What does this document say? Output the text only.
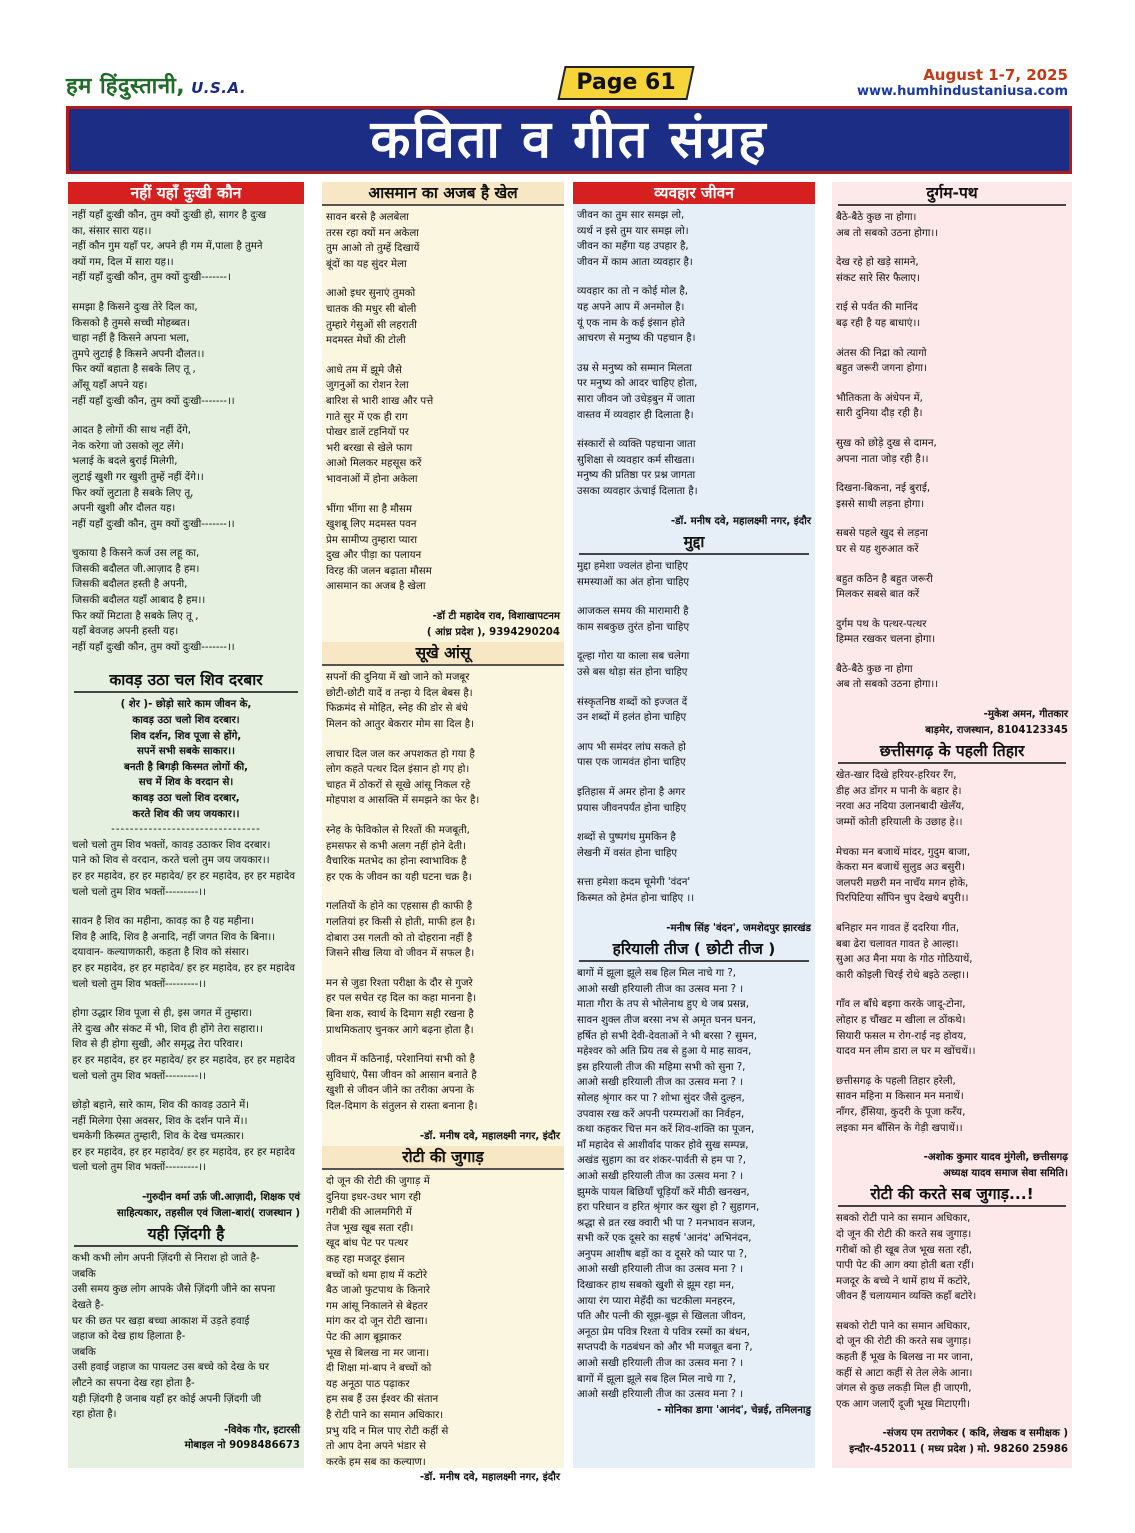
हम हिंदुस्तानी, U.S.A.	Page 61	August 1-7, 2025
www.humhindustaniusa.com
कविता व गीत संग्रह
नहीं यहाँ दुःखी कौन

नहीं यहाँ दुःखी कौन, तुम क्यों दुःखी हो, सागर है दुःख
का, संसार सारा यह।।
नहीं कौन गुम यहाँ पर, अपने ही गम में,पाला है तुमने
क्यों गम, दिल में सारा यह।।
नहीं यहाँ दुःखी कौन, तुम क्यों दुःखी-------।

समझा है किसने दुःख तेरे दिल का,
किसको है तुमसे सच्ची मोहब्बत।
चाहा नहीं है किसने अपना भला,
तुमपे लुटाई है किसने अपनी दौलत।।
फिर क्यों बहाता है सबके लिए तू ,
आँसू यहाँ अपने यह।
नहीं यहाँ दुःखी कौन, तुम क्यों दुःखी-------।।

आदत है लोगों की साथ नहीं देंगे,
नेक करेगा जो उसको लूट लेंगे।
भलाई के बदले बुराई मिलेगी,
लुटाई खुशी गर खुशी तुम्हें नहीं देंगे।।
फिर क्यों लुटाता है सबके लिए तू,
अपनी खुशी और दौलत यह।
नहीं यहाँ दुःखी कौन, तुम क्यों दुःखी-------।।

चुकाया है किसने कर्ज उस लहू का,
जिसकी बदौलत जी.आज़ाद है हम।
जिसकी बदौलत हस्ती है अपनी,
जिसकी बदौलत यहाँ आबाद है हम।।
फिर क्यों मिटाता है सबके लिए तू ,
यहाँ बेवजह अपनी हस्ती यह।
नहीं यहाँ दुःखी कौन, तुम क्यों दुःखी-------।।

कावड़ उठा चल शिव दरबार
( शेर )- छोड़ो सारे काम जीवन के,
कावड़ उठा चलो शिव दरबार।
शिव दर्शन, शिव पूजा से होंगे,
सपनें सभी सबके साकार।।
बनती है बिगड़ी किस्मत लोगों की,
सच में शिव के वरदान से।
कावड़ उठा चलो शिव दरबार,
करते शिव की जय जयकार।।
--------------------------------

चलो चलो तुम शिव भक्तों, कावड़ उठाकर शिव दरबार।
पाने को शिव से वरदान, करते चलो तुम जय जयकार।।
हर हर महादेव, हर हर महादेव/ हर हर महादेव, हर हर महादेव
चलो चलो तुम शिव भक्तों---------।।

सावन है शिव का महीना, कावड़ का है यह महीना।
शिव है आदि, शिव है अनादि, नहीं जगत शिव के बिना।।
दयावान- कल्याणकारी, कहता है शिव को संसार।
हर हर महादेव, हर हर महादेव/ हर हर महादेव, हर हर महादेव
चलो चलो तुम शिव भक्तों---------।।

होगा उद्धार शिव पूजा से ही, इस जगत में तुम्हारा।
तेरे दुःख और संकट में भी, शिव ही होंगे तेरा सहारा।।
शिव से ही होगा सुखी, और समृद्ध तेरा परिवार।
हर हर महादेव, हर हर महादेव/ हर हर महादेव, हर हर महादेव
चलो चलो तुम शिव भक्तों---------।।

छोड़ो बहाने, सारे काम, शिव की कावड़ उठाने में।
नहीं मिलेगा ऐसा अवसर, शिव के दर्शन पाने में।।
चमकेगी किस्मत तुम्हारी, शिव के देख चमत्कार।
हर हर महादेव, हर हर महादेव/ हर हर महादेव, हर हर महादेव
चलो चलो तुम शिव भक्तों---------।।

-गुरुदीन वर्मा उर्फ़ जी.आज़ादी, शिक्षक एवं
साहित्यकार, तहसील एवं जिला-बारां( राजस्थान )
यही ज़िंदगी है
कभी कभी लोग अपनी ज़िंदगी से निराश हो जाते है-
जबकि
उसी समय कुछ लोग आपके जैसे ज़िंदगी जीने का सपना
देखते है-
घर की छत पर खड़ा बच्चा आकाश में उड़ते हवाई
जहाज को देख हाथ हिलाता है-
जबकि
उसी हवाई जहाज का पायलट उस बच्चे को देख के घर
लौटने का सपना देख रहा होता है-
यही ज़िंदगी है जनाब यहाँ हर कोई अपनी ज़िंदगी जी
रहा होता है।
-विवेक गौर, इटारसी
मोबाइल नो 9098486673
आसमान का अजब है खेल

सावन बरसे है अलबेला
तरस रहा क्यों मन अकेला
तुम आओ तो तुम्हें दिखायें
बूंदों का यह सुंदर मेला

आओ इधर सुनाएं तुमको
चातक की मधुर सी बोली
तुम्हारे गेसुओं सी लहराती
मदमस्त मेघों की टोली

आधे तम में झूमे जैसे
जुगनुओं का रोशन रेला
बारिश से भारी शाख और पत्ते
गाते सुर में एक ही राग
पोखर डालें टहनियों पर
भरी बरखा से खेले फाग
आओ मिलकर महसूस करें
भावनाओं में होना अकेला

भींगा भींगा सा है मौसम
खुशबू लिए मदमस्त पवन
प्रेम सामीप्य तुम्हारा प्यारा
दुख और पीड़ा का पलायन
विरह की जलन बढ़ाता मौसम
आसमान का अजब है खेला

-डॉ टी महादेव राव, विशाखापटनम
( आंध्र प्रदेश ), 9394290204
सूखे आंसू

सपनों की दुनिया में खो जाने को मजबूर
छोटी-छोटी यादें व तन्हा ये दिल बेबस है।
फिक्रमंद से मोहित, स्नेह की डोर से बंधे
मिलन को आतुर बेकरार मोम सा दिल है।

लाचार दिल जल कर अपशकत हो गया है
लोग कहते पत्थर दिल इंसान हो गए हो।
चाहत में ठोकरों से सूखे आंसू निकल रहे
मोहपाश व आसक्ति में समझने का फेर है।

स्नेह के फेविकोल से रिश्तों की मजबूती,
हमसफर से कभी अलग नहीं होने देती।
वैचारिक मतभेद का होना स्वाभाविक है
हर एक के जीवन का यही घटना चक्र है।

गलतियों के होने का एहसास ही काफी है
गलतियां हर किसी से होती, माफी हल है।
दोबारा उस गलती को तो दोहराना नहीं है
जिसने सीख लिया वो जीवन में सफल है।

मन से जुडा रिश्ता परीक्षा के दौर से गुजरे
हर पल सचेत रह दिल का कहा मानना है।
बिना शक, स्वार्थ के दिमाग सही रखना है
प्राथमिकताए चुनकर आगे बढ़ना होता है।

जीवन में कठिनाई, परेशानियां सभी को है
सुविधाएं, पैसा जीवन को आसान बनाते है
खुशी से जीवन जीने का तरीका अपना के
दिल-दिमाग के संतुलन से रास्ता बनाना है।

-डॉ. मनीष दवे, महालक्ष्मी नगर, इंदौर
रोटी की जुगाड़
दो जून की रोटी की जुगाड़ में
दुनिया इधर-उधर भाग रही
गरीबी की आलमगिरी में
तेज भूख खूब सता रही।
खूद बांध पेट पर पत्थर
कह रहा मजदूर इंसान
बच्चों को थमा हाथ में कटोरे
बैठ जाओ फुटपाथ के किनारे
गम आंसू निकालने से बेहतर
मांग कर दो जून रोटी खाना।
पेट की आग बूझाकर
भूख से बिलख ना मर जाना।
दी शिक्षा मां-बाप ने बच्चों को
यह अनूठा पाठ पढ़ाकर
हम सब हैं उस ईश्वर की संतान
है रोटी पाने का समान अधिकार।
प्रभु यदि न मिल पाए रोटी कहीं से
तो आप देना अपने भंडार से
करके हम सब का कल्याण।
-डॉ. मनीष दवे, महालक्ष्मी नगर, इंदौर
व्यवहार जीवन

जीवन का तुम सार समझ लो,
व्यर्थ न इसे तुम यार समझ लो।
जीवन का महँगा यह उपहार है,
जीवन में काम आता व्यवहार है।

व्यवहार का तो न कोई मोल है,
यह अपने आप में अनमोल है।
यूं एक नाम के कई इंसान होते
आचरण से मनुष्य की पहचान है।

उम्र से मनुष्य को सम्मान मिलता
पर मनुष्य को आदर चाहिए होता,
सारा जीवन जो उधेड़बुन में जाता
वास्तव में व्यवहार ही दिलाता है।

संस्कारों से व्यक्ति पहचाना जाता
सुशिक्षा से व्यवहार कर्म सीखता।
मनुष्य की प्रतिष्ठा पर प्रश्न जागता
उसका व्यवहार ऊंचाई दिलाता है।

-डॉ. मनीष दवे, महालक्ष्मी नगर, इंदौर
मुद्दा

मुद्दा हमेशा ज्वलंत होना चाहिए
समस्याओं का अंत होना चाहिए

आजकल समय की मारामारी है
काम सबकुछ तुरंत होना चाहिए

दूल्हा गोरा या काला सब चलेगा
उसे बस थोड़ा संत होना चाहिए

संस्कृतनिष्ठ शब्दों को इज्जत दें
उन शब्दों में हलंत होना चाहिए

आप भी समंदर लांघ सकते हो
पास एक जामवंत होना चाहिए

इतिहास में अमर होना है अगर
प्रयास जीवनपर्यंत होना चाहिए

शब्दों से पुष्पगंध मुमकिन है
लेखनी में वसंत होना चाहिए

सत्ता हमेशा कदम चूमेगी 'वंदन'
किस्मत को हेमंत होना चाहिए ।।

-मनीष सिंह 'वंदन', जमशेदपुर झारखंड
हरियाली तीज ( छोटी तीज )
बागों में झूला झूले सब हिल मिल नाचे गा ?,
आओ सखी हरियाली तीज का उत्सव मना ? ।
माता गौरा के तप से भोलेनाथ हुए थे जब प्रसन्न,
सावन शुक्ल तीज बरसा नभ से अमृत घनन घनन,
हर्षित हो सभी देवी-देवताओं ने भी बरसा ? सुमन,
महेश्वर को अति प्रिय तब से हुआ ये माह सावन,
इस हरियाली तीज की महिमा सभी को सुना ?,
आओ सखी हरियाली तीज का उत्सव मना ? ।
सोलह श्रृंगार कर पा ? शोभा सुंदर जैसे दुल्हन,
उपवास रख करें अपनी परम्पराओं का निर्वहन,
कथा कहकर चित्त मन करें शिव-शक्ति का पूजन,
माँ महादेव से आशीर्वाद पाकर होवे सुख सम्पन्न,
अखंड सुहाग का वर शंकर-पार्वती से हम पा ?,
आओ सखी हरियाली तीज का उत्सव मना ? ।
झुमके पायल बिछियाँ चूड़ियाँ करें मीठी खनखन,
हरा परिधान व हरित श्रृंगार कर खुश हो ? सुहागन,
श्रद्धा से व्रत रख क्वारी भी पा ? मनभावन सजन,
सभी करें एक दूसरे का सहर्ष 'आनंद' अभिनंदन,
अनुपम आशीष बड़ों का व दूसरे को प्यार पा ?,
आओ सखी हरियाली तीज का उत्सव मना ? ।
दिखाकर हाथ सबको खुशी से झूम रहा मन,
आया रंग प्यारा मेहँदी का चटकीला मनहरन,
पति और पत्नी की सूझ-बूझ से खिलता जीवन,
अनूठा प्रेम पवित्र रिश्ता ये पवित्र रस्मों का बंधन,
सप्तपदी के गठबंधन को और भी मजबूत बना ?,
आओ सखी हरियाली तीज का उत्सव मना ? ।
बागों में झूला झूले सब हिल मिल नाचे गा ?,
आओ सखी हरियाली तीज का उत्सव मना ? ।
- मोनिका डागा 'आनंद', चेन्नई, तमिलनाडु
दुर्गम-पथ

बैठे-बैठे कुछ ना होगा।
अब तो सबको उठना होगा।।

देख रहे हो खड़े सामने,
संकट सारे सिर फैलाए।

राई से पर्वत की मानिंद
बढ़ रही है यह बाधाएं।।

अंतस की निद्रा को त्यागो
बहुत जरूरी जगना होगा।

भौतिकता के अंधेपन में,
सारी दुनिया दौड़ रही है।

सुख को छोड़े दुख से दामन,
अपना नाता जोड़ रही है।।

दिखना-बिकना, नई बुराई,
इससे साथी लड़ना होगा।

सबसे पहले खुद से लड़ना
घर से यह शुरुआत करें

बहुत कठिन है बहुत जरूरी
मिलकर सबसे बात करें

दुर्गम पथ के पत्थर-पत्थर
हिम्मत रखकर चलना होगा।

बैठे-बैठे कुछ ना होगा
अब तो सबको उठना होगा।।

-मुकेश अमन, गीतकार
बाड़मेर, राजस्थान, 8104123345
छत्तीसगढ़ के पहली तिहार

खेत-खार दिखे हरियर-हरियर रँग,
डीह अउ डोंगर म पानी के बहार हे।
नरवा अउ नदिया उलानबादी खेलँय,
जम्मों कोती हरियाली के उछाह हे।।

मेचका मन बजाथें मांदर, गुदुम बाजा,
केकरा मन बजाथें सुलुड अउ बसुरी।
जलपरी मछरी मन नाचँय मगन होके,
पिरपिटिया साँपिन चुप देखथे बपुरी।।

बनिहार मन गावत हें ददरिया गीत,
बबा ढेरा चलावत गावत हे आल्हा।
सुआ अउ मैना मया के गोठ गोठियाथें,
कारी कोइली चिरई रोथे बइठे ठल्हा।।

गाँव ल बाँधे बइगा करके जादू-टोना,
लोहार ह चौंखट म खीला ल ठोंकथे।
सियारी फसल म रोग-राई नइ होवय,
यादव मन लीम डारा ल घर म खोंचथें।।

छत्तीसगढ़ के पहली तिहार हरेली,
सावन महिना म किसान मन मनाथें।
नाँगर, हँसिया, कुदरी के पूजा करँय,
लइका मन बाँसिन के गेड़ी खपाथें।।

-अशोक कुमार यादव मुंगेली, छत्तीसगढ़
अध्यक्ष यादव समाज सेवा समिति।
रोटी की करते सब जुगाड़...!

सबको रोटी पाने का समान अधिकार,
दो जून की रोटी की करते सब जुगाड़।
गरीबों को ही खूब तेज भूख सता रही,
पापी पेट की आग क्या होती बता रहीं।
मजदूर के बच्चे ने थामें हाथ में कटोरे,
जीवन हैं चलायमान व्यक्ति कहाँ बटोरे।

सबको रोटी पाने का समान अधिकार,
दो जून की रोटी की करते सब जुगाड़।
कहती हैं भूख के बिलख ना मर जाना,
कहीं से आटा कहीं से तेल लेके आना।
जंगल से कुछ लकड़ी मिल ही जाएगी,
एक आग जलाएँ दूजी भूख मिटाएगी।

-संजय एम तराणेकर ( कवि, लेखक व समीक्षक )
इन्दौर-452011 ( मध्य प्रदेश ) मो. 98260 25986
